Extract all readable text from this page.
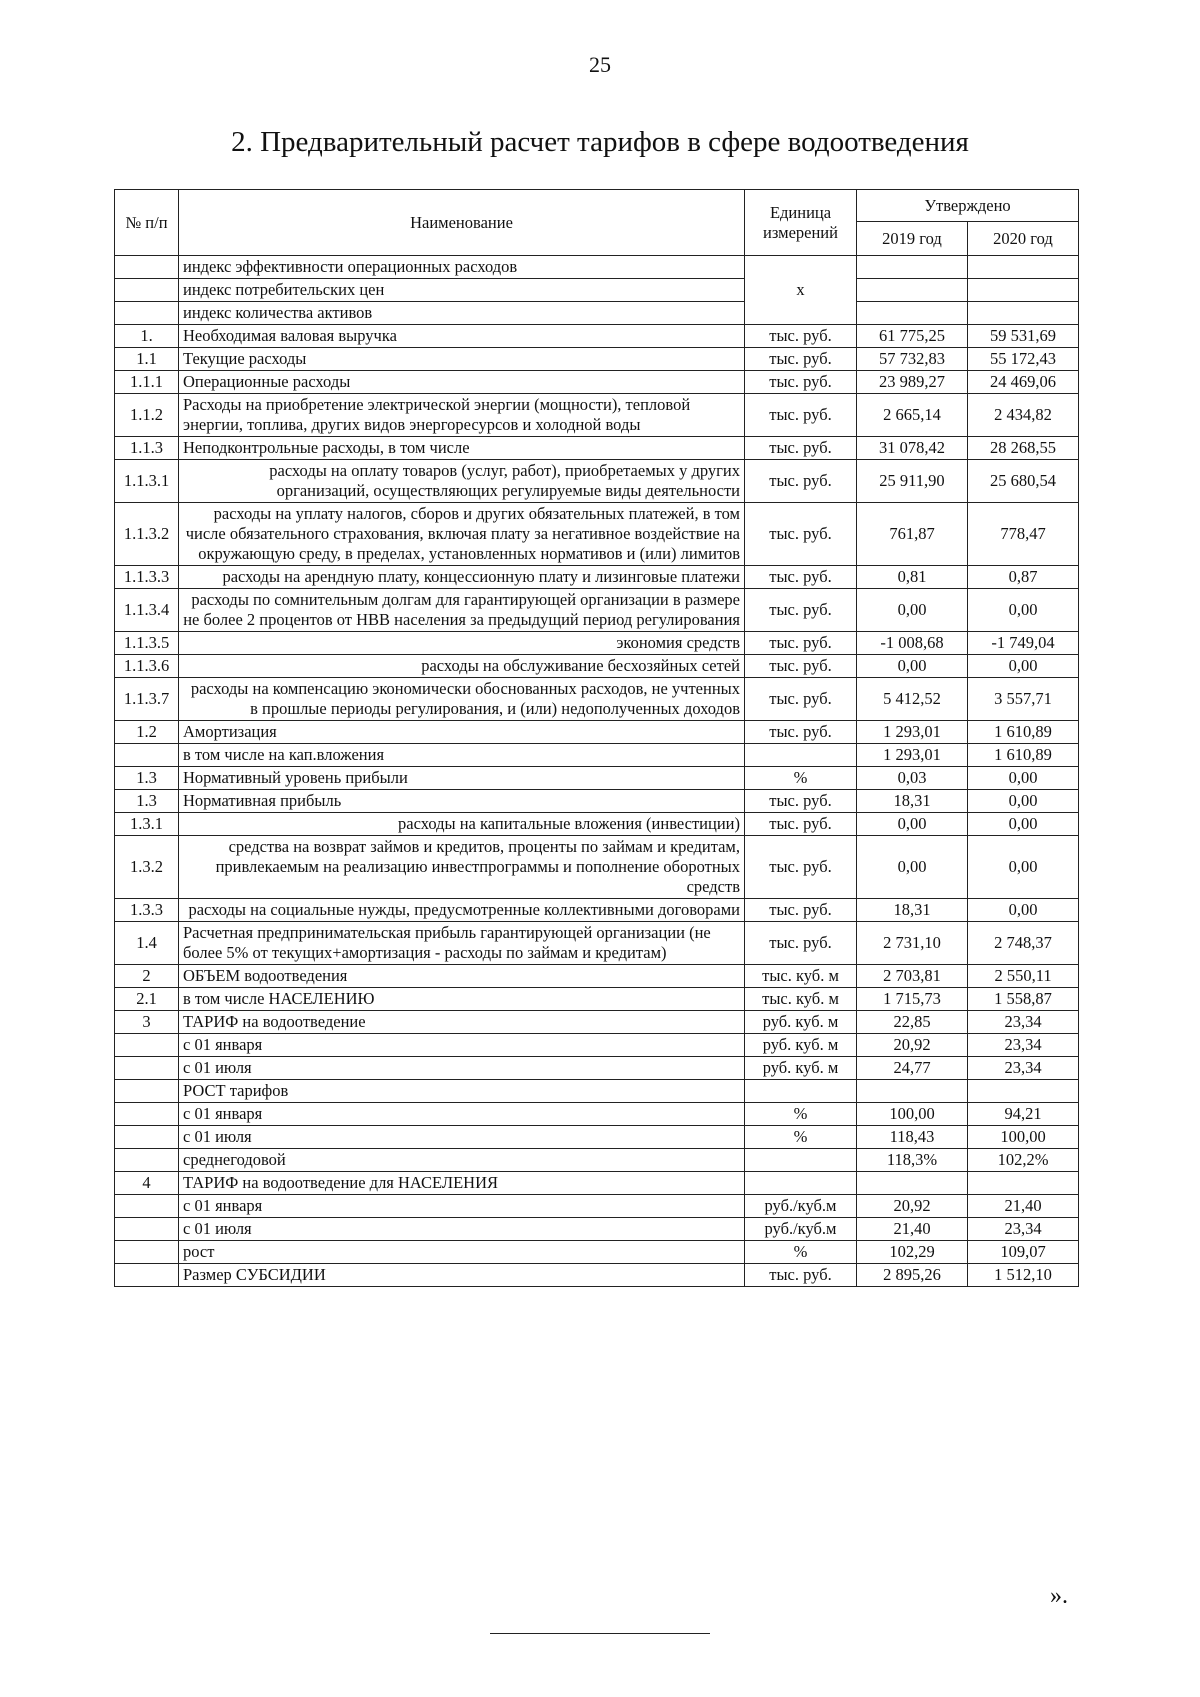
25
2. Предварительный расчет тарифов в сфере водоотведения
№ п/п	Наименование	Единица измерений	Утверждено	
			2019 год	2020 год
	индекс эффективности операционных расходов	х		
	индекс потребительских цен			
	индекс количества активов			
1.	Необходимая валовая выручка	тыс. руб.	61 775,25	59 531,69
1.1	Текущие расходы	тыс. руб.	57 732,83	55 172,43
1.1.1	Операционные расходы	тыс. руб.	23 989,27	24 469,06
1.1.2	Расходы на приобретение электрической энергии (мощности), тепловой энергии, топлива, других видов энергоресурсов и холодной воды	тыс. руб.	2 665,14	2 434,82
1.1.3	Неподконтрольные расходы, в том числе	тыс. руб.	31 078,42	28 268,55
1.1.3.1	расходы на оплату товаров (услуг, работ), приобретаемых у других организаций, осуществляющих регулируемые виды деятельности	тыс. руб.	25 911,90	25 680,54
1.1.3.2	расходы на уплату налогов, сборов и других обязательных платежей, в том числе обязательного страхования, включая плату за негативное воздействие на окружающую среду, в пределах, установленных нормативов и (или) лимитов	тыс. руб.	761,87	778,47
1.1.3.3	расходы на арендную плату, концессионную плату и лизинговые платежи	тыс. руб.	0,81	0,87
1.1.3.4	расходы по сомнительным долгам для гарантирующей организации в размере не более 2 процентов от НВВ населения за предыдущий период регулирования	тыс. руб.	0,00	0,00
1.1.3.5	экономия средств	тыс. руб.	-1 008,68	-1 749,04
1.1.3.6	расходы на обслуживание бесхозяйных сетей	тыс. руб.	0,00	0,00
1.1.3.7	расходы на компенсацию экономически обоснованных расходов, не учтенных в прошлые периоды регулирования, и (или) недополученных доходов	тыс. руб.	5 412,52	3 557,71
1.2	Амортизация	тыс. руб.	1 293,01	1 610,89
	в том числе на кап.вложения		1 293,01	1 610,89
1.3	Нормативный уровень прибыли	%	0,03	0,00
1.3	Нормативная прибыль	тыс. руб.	18,31	0,00
1.3.1	расходы на капитальные вложения (инвестиции)	тыс. руб.	0,00	0,00
1.3.2	средства на возврат займов и кредитов, проценты по займам и кредитам, привлекаемым на реализацию инвестпрограммы и пополнение оборотных средств	тыс. руб.	0,00	0,00
1.3.3	расходы на социальные нужды, предусмотренные коллективными договорами	тыс. руб.	18,31	0,00
1.4	Расчетная предпринимательская прибыль гарантирующей организации (не более 5% от текущих+амортизация - расходы по займам и кредитам)	тыс. руб.	2 731,10	2 748,37
2	ОБЪЕМ водоотведения	тыс. куб. м	2 703,81	2 550,11
2.1	в том числе НАСЕЛЕНИЮ	тыс. куб. м	1 715,73	1 558,87
3	ТАРИФ на водоотведение	руб. куб. м	22,85	23,34
	с 01 января	руб. куб. м	20,92	23,34
	с 01 июля	руб. куб. м	24,77	23,34
	РОСТ тарифов			
	с 01 января	%	100,00	94,21
	с 01 июля	%	118,43	100,00
	среднегодовой		118,3%	102,2%
4	ТАРИФ на водоотведение для НАСЕЛЕНИЯ			
	с 01 января	руб./куб.м	20,92	21,40
	с 01 июля	руб./куб.м	21,40	23,34
	рост	%	102,29	109,07
	Размер СУБСИДИИ	тыс. руб.	2 895,26	1 512,10
».
